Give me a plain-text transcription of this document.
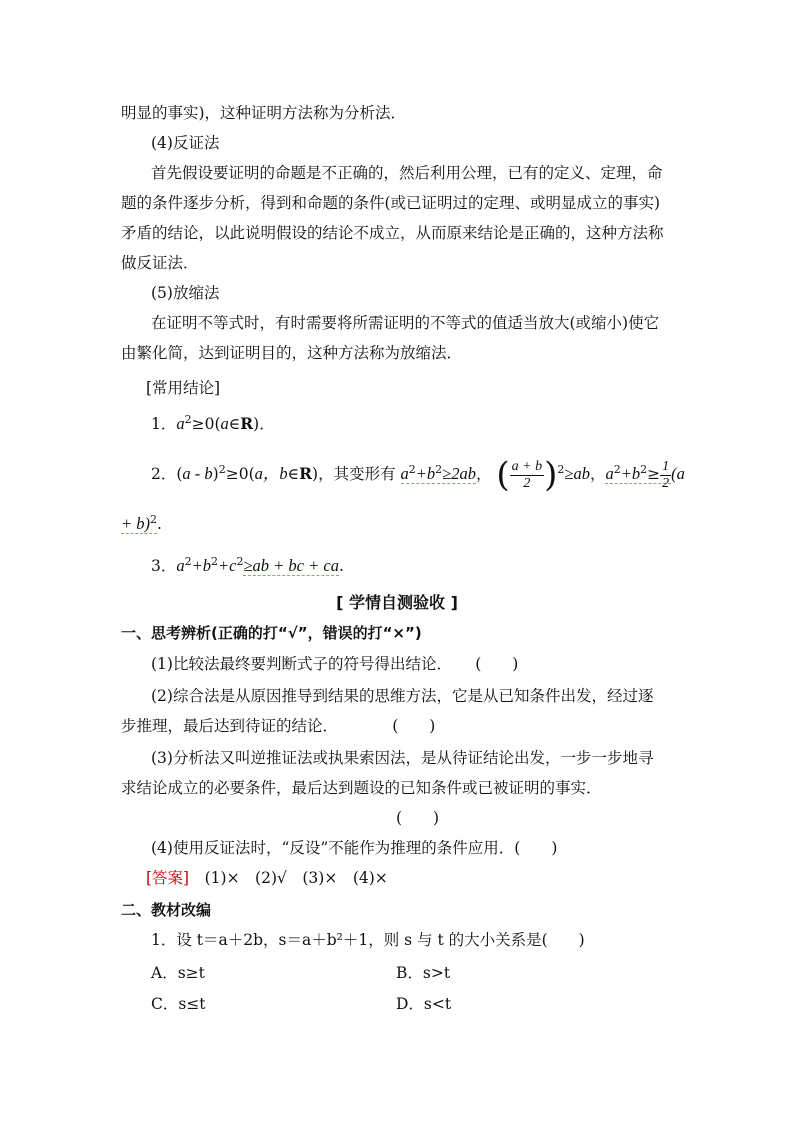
明显的事实)，这种证明方法称为分析法．
(4)反证法
首先假设要证明的命题是不正确的，然后利用公理，已有的定义、定理，命
题的条件逐步分析，得到和命题的条件(或已证明过的定理、或明显成立的事实)
矛盾的结论，以此说明假设的结论不成立，从而原来结论是正确的，这种方法称
做反证法．
(5)放缩法
在证明不等式时，有时需要将所需证明的不等式的值适当放大(或缩小)使它
由繁化简，达到证明目的，这种方法称为放缩法．
[常用结论]
1．$a^2\ge 0(a\in R)$．
2．(a - b)$^2$≥0(a，b∈R)，其变形有 $a^2+b^2\ge 2ab$， ( $\frac{a + b}{2} )^2\ge ab$，$a^2+b^2\ge \frac{1}{2} (a$
+ b)$^2$.
3．$a^2+b^2+c^2\ge ab$ + bc + ca.
[ 学情自测验收 ]
一、思考辨析(正确的打“√”，错误的打“×”)
(1)比较法最终要判断式子的符号得出结论．　　(　　)
(2)综合法是从原因推导到结果的思维方法，它是从已知条件出发，经过逐
步推理，最后达到待证的结论．　　　　(　　)
(3)分析法又叫逆推证法或执果索因法，是从待证结论出发，一步一步地寻
求结论成立的必要条件，最后达到题设的已知条件或已被证明的事实．
(　　)
(4)使用反证法时，“反设”不能作为推理的条件应用．(　　)
[答案]　(1)×　(2)√　(3)×　(4)×
二、教材改编
1．设 t＝a＋2b，s＝a＋b²＋1，则 s 与 t 的大小关系是(　　)
A．s≥t	B．s>t
C．s≤t	D．s<t
